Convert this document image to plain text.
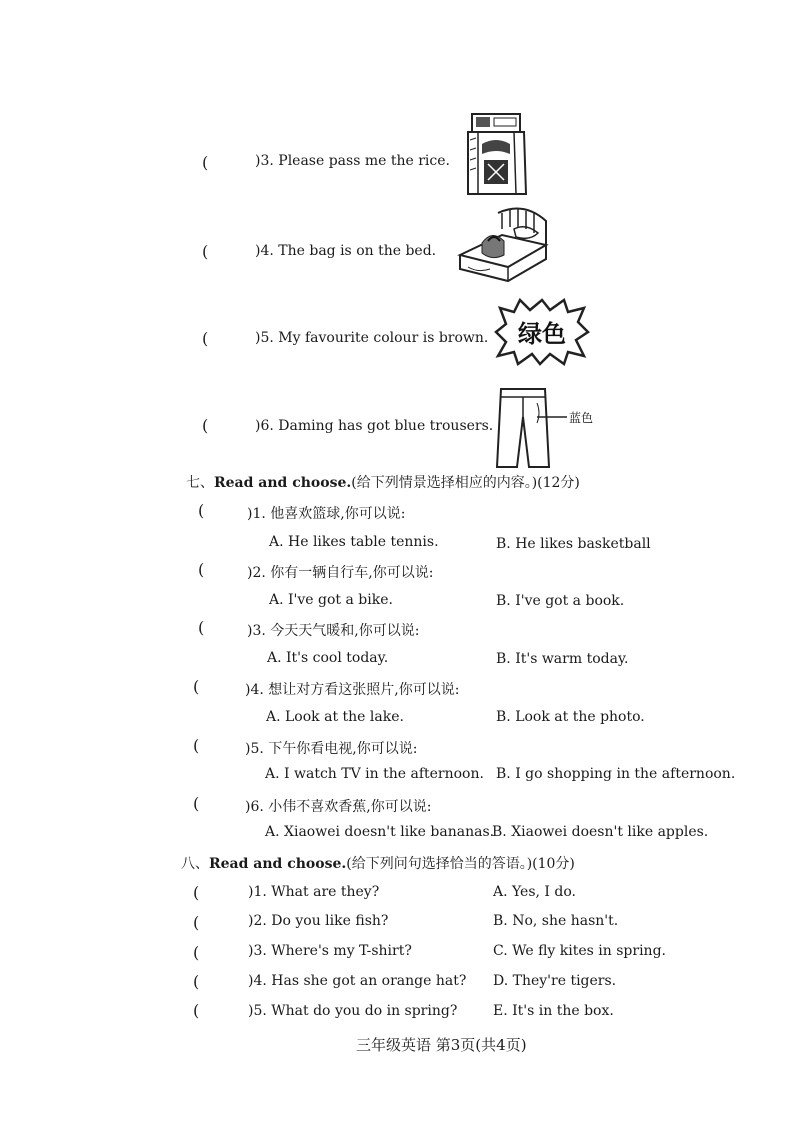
(	)3. Please pass me the rice.
(	)4. The bag is on the bed.
(	)5. My favourite colour is brown.
(	)6. Daming has got blue trousers.
绿色
蓝色
七、Read and choose.(给下列情景选择相应的内容。)(12分)
(	)1. 他喜欢篮球,你可以说:
A. He likes table tennis.	B. He likes basketball
(	)2. 你有一辆自行车,你可以说:
A. I've got a bike.	B. I've got a book.
(	)3. 今天天气暖和,你可以说:
A. It's cool today.	B. It's warm today.
(	)4. 想让对方看这张照片,你可以说:
A. Look at the lake.	B. Look at the photo.
(	)5. 下午你看电视,你可以说:
A. I watch TV in the afternoon. B. I go shopping in the afternoon.
(	)6. 小伟不喜欢香蕉,你可以说:
A. Xiaowei doesn't like bananas.
B. Xiaowei doesn't like apples.
八、Read and choose.(给下列问句选择恰当的答语。)(10分)
(	)1. What are they?	A. Yes, I do.
(	)2. Do you like fish?	B. No, she hasn't.
(	)3. Where's my T-shirt?	C. We fly kites in spring.
(	)4. Has she got an orange hat? D. They're tigers.
(	)5. What do you do in spring?	E. It's in the box.
三年级英语 第3页(共4页)
